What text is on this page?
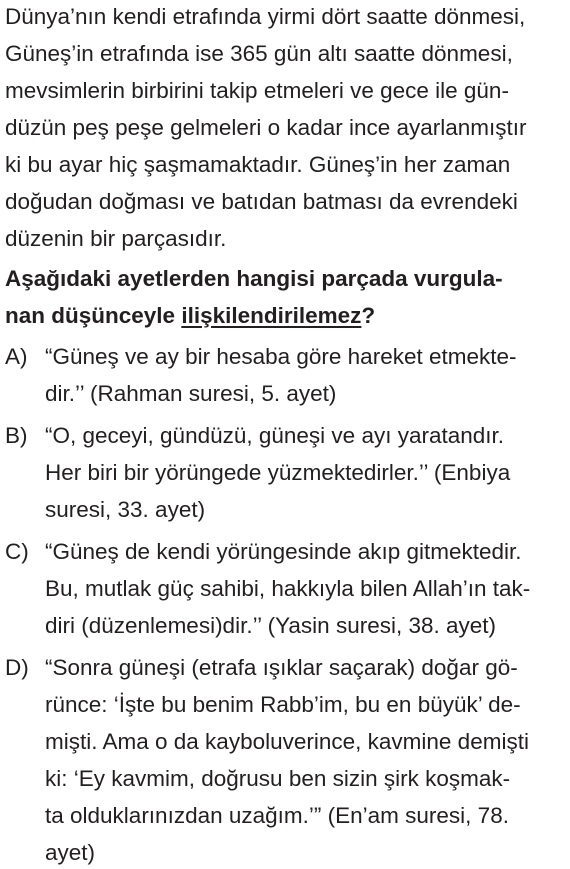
Dünya’nın kendi etrafında yirmi dört saatte dönmesi,
Güneş’in etrafında ise 365 gün altı saatte dönmesi,
mevsimlerin birbirini takip etmeleri ve gece ile gün-
düzün peş peşe gelmeleri o kadar ince ayarlanmıştır
ki bu ayar hiç şaşmamaktadır. Güneş’in her zaman
doğudan doğması ve batıdan batması da evrendeki
düzenin bir parçasıdır.
Aşağıdaki ayetlerden hangisi parçada vurgula-
nan düşünceyle ilişkilendirilemez?
A) “Güneş ve ay bir hesaba göre hareket etmekte-
dir.’’ (Rahman suresi, 5. ayet)
B) “O, geceyi, gündüzü, güneşi ve ayı yaratandır.
Her biri bir yörüngede yüzmektedirler.’’ (Enbiya
suresi, 33. ayet)
C) “Güneş de kendi yörüngesinde akıp gitmektedir.
Bu, mutlak güç sahibi, hakkıyla bilen Allah’ın tak-
diri (düzenlemesi)dir.’’ (Yasin suresi, 38. ayet)
D) “Sonra güneşi (etrafa ışıklar saçarak) doğar gö-
rünce: ‘İşte bu benim Rabb’im, bu en büyük’ de-
mişti. Ama o da kayboluverince, kavmine demişti
ki: ‘Ey kavmim, doğrusu ben sizin şirk koşmak-
ta olduklarınızdan uzağım.’” (En’am suresi, 78.
ayet)
